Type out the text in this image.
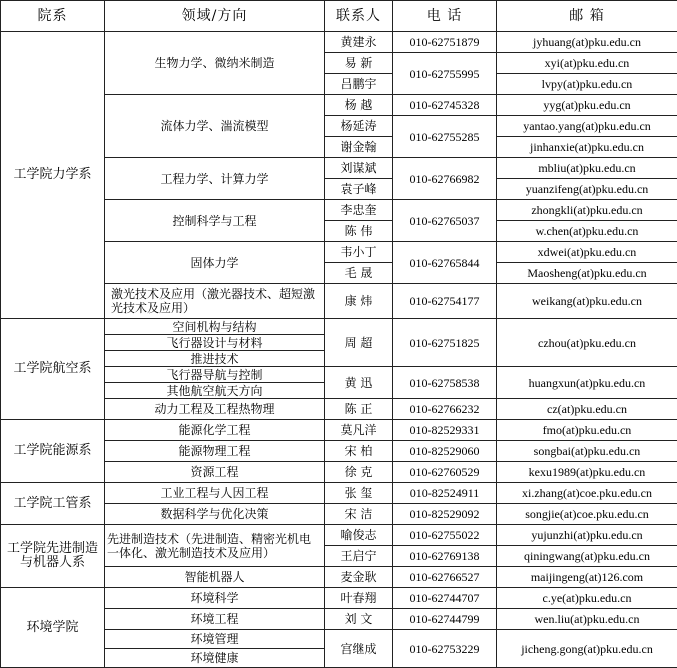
院系	领域/方向	联系人	电 话	邮 箱
工学院力学系	生物力学、微纳米制造	黄建永	010-62751879	jyhuang(at)pku.edu.cn
		易 新	010-62755995	xyi(at)pku.edu.cn
		吕鹏宇		lvpy(at)pku.edu.cn
	流体力学、湍流模型	杨 越	010-62745328	yyg(at)pku.edu.cn
		杨延涛	010-62755285	yantao.yang(at)pku.edu.cn
		谢金翰		jinhanxie(at)pku.edu.cn
	工程力学、计算力学	刘谋斌	010-62766982	mbliu(at)pku.edu.cn
		袁子峰		yuanzifeng(at)pku.edu.cn
	控制科学与工程	李忠奎	010-62765037	zhongkli(at)pku.edu.cn
		陈 伟		w.chen(at)pku.edu.cn
	固体力学	韦小丁	010-62765844	xdwei(at)pku.edu.cn
		毛 晟		Maosheng(at)pku.edu.cn
	激光技术及应用（激光器技术、超短激光技术及应用）	康 炜	010-62754177	weikang(at)pku.edu.cn
工学院航空系	空间机构与结构	周 超	010-62751825	czhou(at)pku.edu.cn
	飞行器设计与材料			
	推进技术			
	飞行器导航与控制	黄 迅	010-62758538	huangxun(at)pku.edu.cn
	其他航空航天方向			
	动力工程及工程热物理	陈 正	010-62766232	cz(at)pku.edu.cn
工学院能源系	能源化学工程	莫凡洋	010-82529331	fmo(at)pku.edu.cn
	能源物理工程	宋 柏	010-82529060	songbai(at)pku.edu.cn
	资源工程	徐 克	010-62760529	kexu1989(at)pku.edu.cn
工学院工管系	工业工程与人因工程	张 玺	010-82524911	xi.zhang(at)coe.pku.edu.cn
	数据科学与优化决策	宋 洁	010-82529092	songjie(at)coe.pku.edu.cn
工学院先进制造与机器人系	先进制造技术（先进制造、精密光机电一体化、激光制造技术及应用）	喻俊志	010-62755022	yujunzhi(at)pku.edu.cn
		王启宁	010-62769138	qiningwang(at)pku.edu.cn
	智能机器人	麦金耿	010-62766527	maijingeng(at)126.com
环境学院	环境科学	叶春翔	010-62744707	c.ye(at)pku.edu.cn
	环境工程	刘 文	010-62744799	wen.liu(at)pku.edu.cn
	环境管理	宫继成	010-62753229	jicheng.gong(at)pku.edu.cn
	环境健康			
